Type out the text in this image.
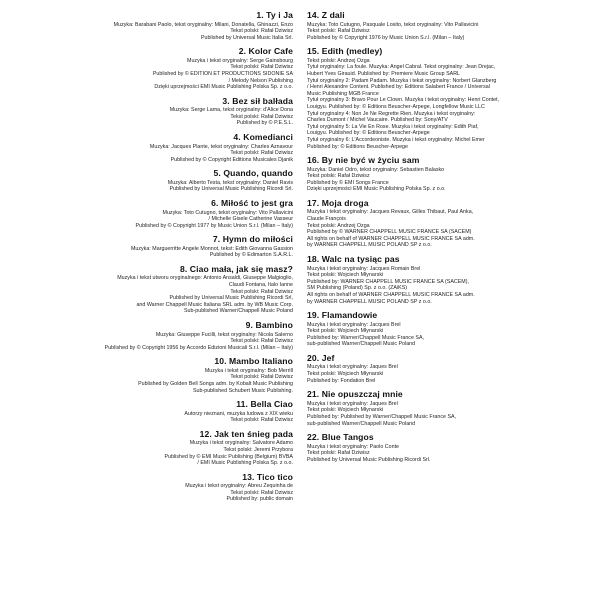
1. Ty i Ja
Muzyka: Barabani Paolo, tekst oryginalny: Milani, Donatella, Ghinazzi, Enzo
Tekst polski: Rafał Dziwisz
Published by Universal Music Italia Srl.
2. Kolor Cafe
Muzyka i tekst oryginalny: Serge Gainsbourg
Tekst polski: Rafał Dziwisz
Published by © EDITION ET PRODUCTIONS SIDONIE SA
/ Melody Nelson Publishing
Dzięki uprzejmości EMI Music Publishing Polska Sp. z o.o.
3. Bez sił balłada
Muzyka: Serge Lama, tekst oryginalny: d'Alice Dona
Tekst polski: Rafał Dziwisz
Published by © P.E.S.L.
4. Komedianci
Muzyka: Jacques Plante, tekst oryginalny: Charles Aznavour
Tekst polski: Rafał Dziwisz
Published by © Copyright Editions Musicales Djanik
5. Quando, quando
Muzyka: Alberto Testa, tekst oryginalny: Daniel Ravis
Published by Universal Music Publishing Ricordi Srl.
6. Miłość to jest gra
Muzyka: Toto Cutugno, tekst oryginalny: Vito Pallavicini
/ Michelle Gisele Catherine Vasseur
Published by © Copyright 1977 by Music Union S.r.l. (Milan – Italy)
7. Hymn do miłości
Muzyka: Marguerritte Angele Monnot, tekst: Edith Giovanna Gassion
Published by © Edimarton S.A.R.L.
8. Ciao mała, jak się masz?
Muzyka i tekst utworu oryginalnego: Antonio Ansaldi, Giuseppe Malgioglio,
Claudi Fontana, Italo Ianne
Tekst polski: Rafał Dziwisz
Published by Universal Music Publishing Ricordi Srl,
and Warner Chappell Music Italiana SRL adm. by WB Music Corp.
Sub-published Warner/Chappell Music Poland
9. Bambino
Muzyka: Giuseppe Fucilli, tekst oryginalny: Nicola Salerno
Tekst polski: Rafał Dziwisz
Published by © Copyright 1956 by Accordo Edizioni Musicali S.r.l. (Milan – Italy)
10. Mambo Italiano
Muzyka i tekst oryginalny: Bob Merrill
Tekst polski: Rafał Dziwisz
Published by Golden Bell Songs adm. by Kobalt Music Publishing
Sub-published Schubert Music Publishing.
11. Bella Ciao
Autorzy nieznani, muzyka ludowa z XIX wieku
Tekst polski: Rafał Dziwisz
12. Jak ten śnieg pada
Muzyka i tekst oryginalny: Salvatore Adamo
Tekst polski: Jeremi Przybora
Published by © EMI Music Publishing (Belgium) BVBA
/ EMI Music Publishing Polska Sp. z o.o.
13. Tico tico
Muzyka i tekst oryginalny: Abreu Zequinha de
Tekst polski: Rafał Dziwisz
Published by: public domain
14. Z dali
Muzyka: Toto Cutugno, Pasquale Losito, tekst oryginalny: Vito Pallavicini
Tekst polski: Rafał Dziwisz
Published by © Copyright 1976 by Music Union S.r.l. (Milan – Italy)
15. Edith (medley)
Tekst polski: Andrzej Ozga
Tytuł oryginalny: La foule. Muzyka: Angel Cabral. Tekst oryginalny: Jean Drejac,
Hubert Yves Girauid. Published by: Premiere Music Group SARL
Tytuł oryginalny 2: Padam Padam. Muzyka i tekst oryginalny: Norbert Glanzberg
/ Henri Alexandre Content. Published by: Editions Salabert France / Universal
Music Publishing MGB France
Tytuł oryginalny 3: Bravo Pour Le Clown. Muzyka i tekst oryginalny: Henri Contet,
Louigyu. Published by: © Editions Beuscher-Arpege, Longfellow Music LLC
Tytuł oryginalny 4: Non Je Ne Regrette Rien. Muzyka i tekst oryginalny:
Charles Dumont / Michel Vaucaire. Published by: Sony/ATV
Tytuł oryginalny 5: La Vie En Rose. Muzyka i tekst oryginalny: Edith Piaf,
Louigyu. Published by: © Editions Beuscher-Arpege
Tytuł oryginalny 6: L'Accordeoniste. Muzyka i tekst oryginalny: Michel Emer
Published by: © Editions Beuscher-Arpege
16. By nie być w życiu sam
Muzyka: Daniel Odro, tekst oryginalny: Sebastien Balasko
Tekst polski: Rafał Dziwisz
Published by © EMI Songs France
Dzięki uprzejmości EMI Music Publishing Polska Sp. z o.o.
17. Moja droga
Muzyka i tekst oryginalny: Jacques Revaux, Gilles Thibaut, Paul Anka,
Claude François
Tekst polski: Andrzej Ozga
Published by © WARNER CHAPPELL MUSIC FRANCE SA (SACEM)
All rights on behalf of WARNER CHAPPELL MUSIC FRANCE SA adm.
by WARNER CHAPPELL MUSIC POLAND SP z o.o.
18. Walc na tysiąc pas
Muzyka i tekst oryginalny: Jacques Romain Brel
Tekst polski: Wojciech Młynarski
Published by: WARNER CHAPPELL MUSIC FRANCE SA (SACEM),
SM Publishing (Poland) Sp. z o.o. (ZAiKS)
All rights on behalf of WARNER CHAPPELL MUSIC FRANCE SA adm.
by WARNER CHAPPELL MUSIC POLAND SP z o.o.
19. Flamandowie
Muzyka i tekst oryginalny: Jacques Brel
Tekst polski: Wojciech Młynarski
Published by: Warner/Chappell Music France SA,
sub-published Warner/Chappell Music Poland
20. Jef
Muzyka i tekst oryginalny: Jaques Brel
Tekst polski: Wojciech Młynarski
Published by: Fondation Brel
21. Nie opuszczaj mnie
Muzyka i tekst oryginalny: Jaques Brel
Tekst polski: Wojciech Młynarski
Published by: Published by Warner/Chappell Music France SA,
sub-published Warner/Chappell Music Poland
22. Blue Tangos
Muzyka i tekst oryginalny: Paolo Conte
Tekst polski: Rafał Dziwisz
Published by Universal Music Publishing Ricordi Srl.
